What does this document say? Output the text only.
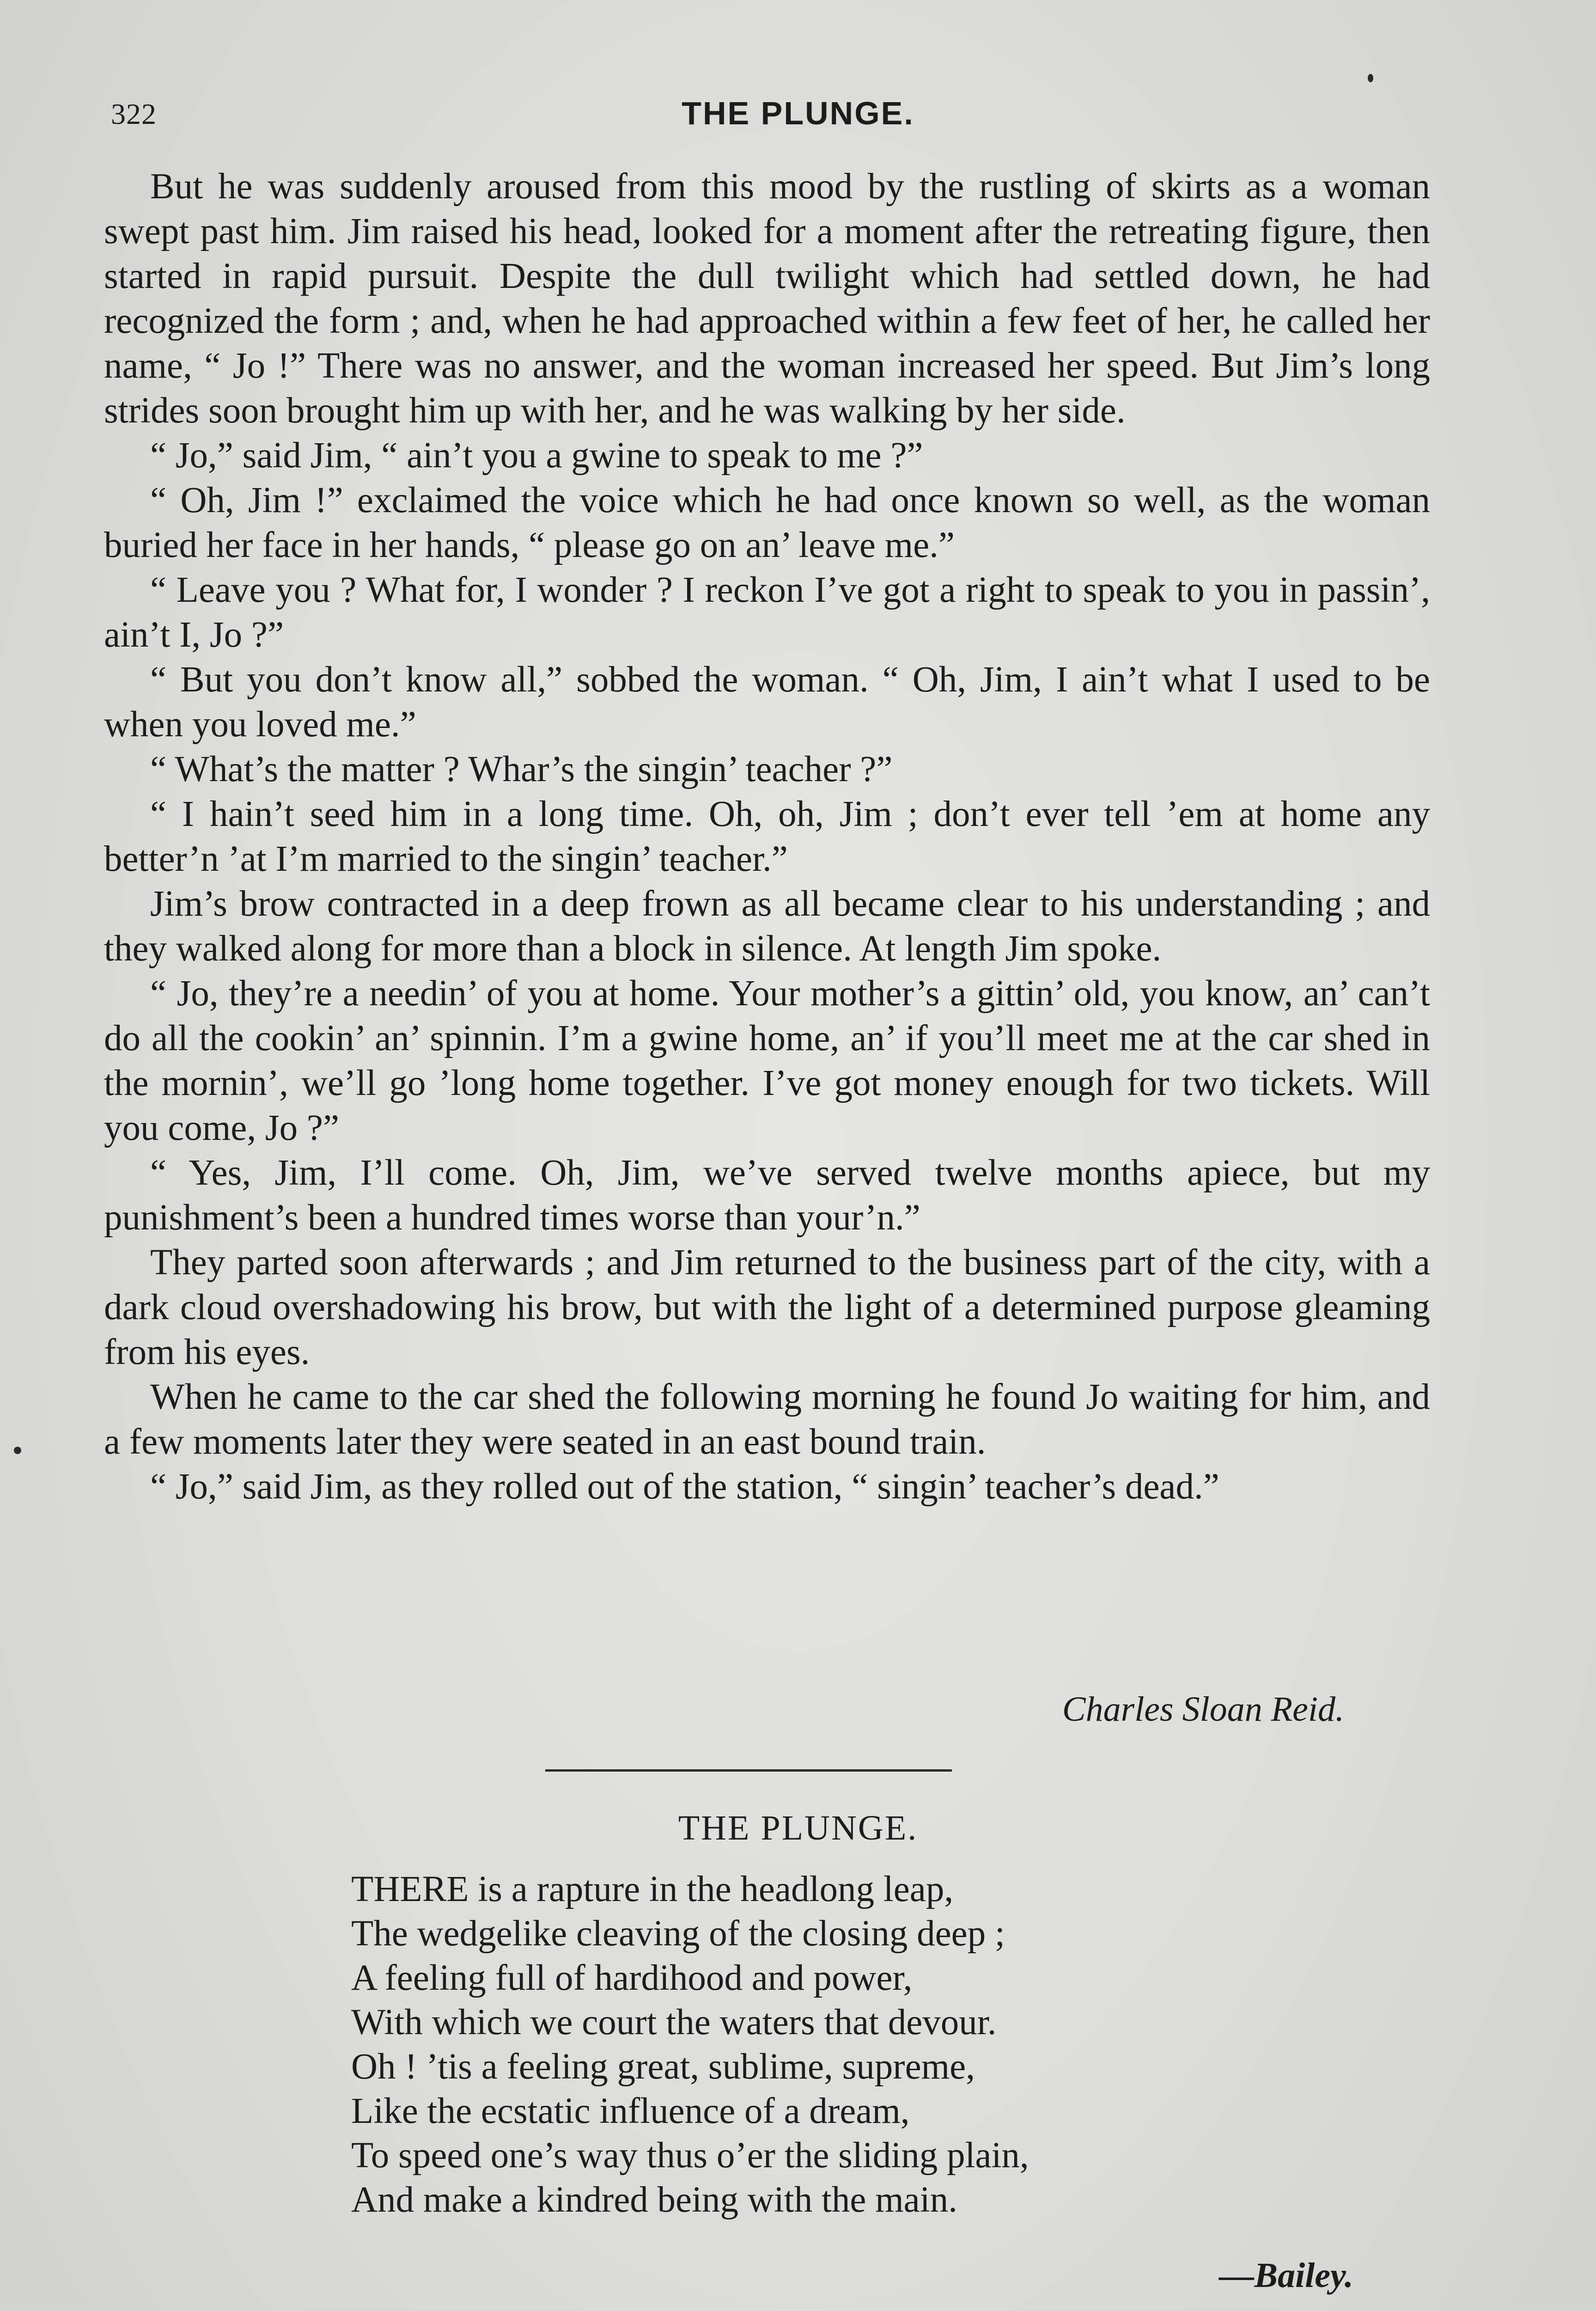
322	THE PLUNGE.

But he was suddenly aroused from this mood by the rustling of skirts as a woman swept past him. Jim raised his head, looked for a moment after the retreating figure, then started in rapid pursuit. Despite the dull twilight which had settled down, he had recognized the form ; and, when he had approached within a few feet of her, he called her name, “ Jo !” There was no answer, and the woman increased her speed. But Jim’s long strides soon brought him up with her, and he was walking by her side.

“ Jo,” said Jim, “ ain’t you a gwine to speak to me ?”

“ Oh, Jim !” exclaimed the voice which he had once known so well, as the woman buried her face in her hands, “ please go on an’ leave me.”

“ Leave you ? What for, I wonder ? I reckon I’ve got a right to speak to you in passin’, ain’t I, Jo ?”

“ But you don’t know all,” sobbed the woman. “ Oh, Jim, I ain’t what I used to be when you loved me.”

“ What’s the matter ? Whar’s the singin’ teacher ?”

“ I hain’t seed him in a long time. Oh, oh, Jim ; don’t ever tell ’em at home any better’n ’at I’m married to the singin’ teacher.”

Jim’s brow contracted in a deep frown as all became clear to his understanding ; and they walked along for more than a block in silence. At length Jim spoke.

“ Jo, they’re a needin’ of you at home. Your mother’s a gittin’ old, you know, an’ can’t do all the cookin’ an’ spinnin. I’m a gwine home, an’ if you’ll meet me at the car shed in the mornin’, we’ll go ’long home together. I’ve got money enough for two tickets. Will you come, Jo ?”

“ Yes, Jim, I’ll come. Oh, Jim, we’ve served twelve months apiece, but my punishment’s been a hundred times worse than your’n.”

They parted soon afterwards ; and Jim returned to the business part of the city, with a dark cloud overshadowing his brow, but with the light of a determined purpose gleaming from his eyes.

When he came to the car shed the following morning he found Jo waiting for him, and a few moments later they were seated in an east bound train.

“ Jo,” said Jim, as they rolled out of the station, “ singin’ teacher’s dead.”

Charles Sloan Reid.
THE PLUNGE.
THERE is a rapture in the headlong leap,
The wedgelike cleaving of the closing deep ;
A feeling full of hardihood and power,
With which we court the waters that devour.
Oh ! ’tis a feeling great, sublime, supreme,
Like the ecstatic influence of a dream,
To speed one’s way thus o’er the sliding plain,
And make a kindred being with the main.
—Bailey.
